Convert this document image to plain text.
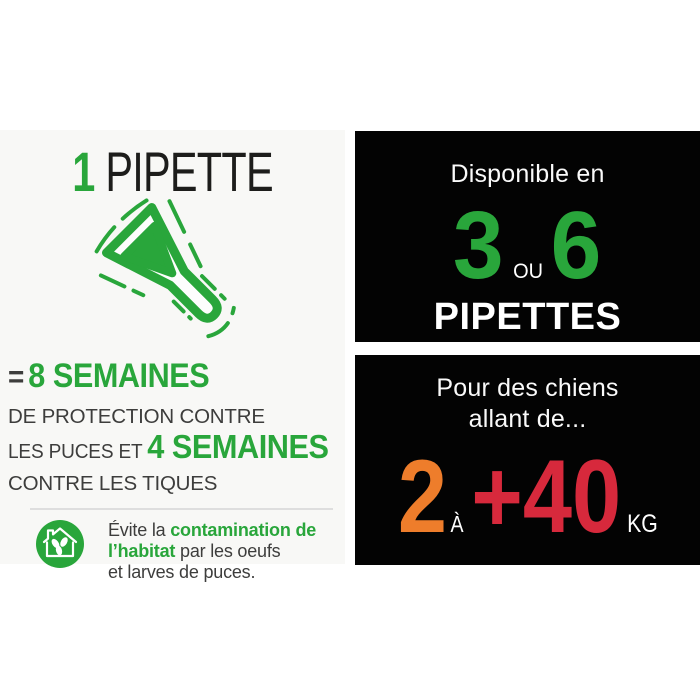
1 PIPETTE
= 8 SEMAINES
DE PROTECTION CONTRE
LES PUCES ET 4 SEMAINES
CONTRE LES TIQUES
Évite la contamination de
l’habitat par les oeufs
et larves de puces.
Disponible en
3 OU6
PIPETTES
Pour des chiens
allant de...
2 À+40 KG
